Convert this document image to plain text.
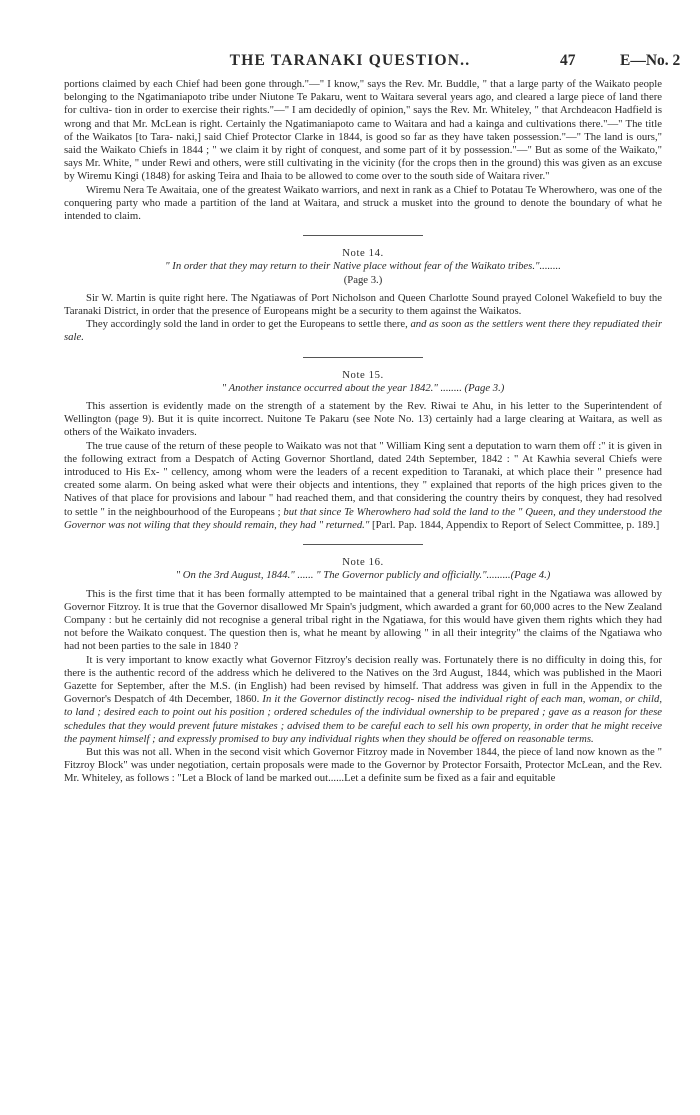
THE TARANAKI QUESTION..	47	E—No. 2

portions claimed by each Chief had been gone through."—" I know," says the Rev. Mr. Buddle, " that a large party of the Waikato people belonging to the Ngatimaniapoto tribe under Niutone Te Pakaru, went to Waitara several years ago, and cleared a large piece of land there for cultiva- tion in order to exercise their rights."—" I am decidedly of opinion," says the Rev. Mr. Whiteley, " that Archdeacon Hadfield is wrong and that Mr. McLean is right. Certainly the Ngatimaniapoto came to Waitara and had a kainga and cultivations there."—" The title of the Waikatos [to Tara- naki,] said Chief Protector Clarke in 1844, is good so far as they have taken possession."—" The land is ours," said the Waikato Chiefs in 1844 ; " we claim it by right of conquest, and some part of it by possession."—" But as some of the Waikato," says Mr. White, " under Rewi and others, were still cultivating in the vicinity (for the crops then in the ground) this was given as an excuse by Wiremu Kingi (1848) for asking Teira and Ihaia to be allowed to come over to the south side of Waitara river."

Wiremu Nera Te Awaitaia, one of the greatest Waikato warriors, and next in rank as a Chief to Potatau Te Wherowhero, was one of the conquering party who made a partition of the land at Waitara, and struck a musket into the ground to denote the boundary of what he intended to claim.

Note 14.
" In order that they may return to their Native place without fear of the Waikato tribes."........
(Page 3.)

Sir W. Martin is quite right here. The Ngatiawas of Port Nicholson and Queen Charlotte Sound prayed Colonel Wakefield to buy the Taranaki District, in order that the presence of Europeans might be a security to them against the Waikatos.

They accordingly sold the land in order to get the Europeans to settle there, and as soon as the settlers went there they repudiated their sale.

Note 15.
" Another instance occurred about the year 1842." ........ (Page 3.)

This assertion is evidently made on the strength of a statement by the Rev. Riwai te Ahu, in his letter to the Superintendent of Wellington (page 9). But it is quite incorrect. Nuitone Te Pakaru (see Note No. 13) certainly had a large clearing at Waitara, as well as others of the Waikato invaders.

The true cause of the return of these people to Waikato was not that " William King sent a deputation to warn them off :" it is given in the following extract from a Despatch of Acting Governor Shortland, dated 24th September, 1842 : " At Kawhia several Chiefs were introduced to His Ex- " cellency, among whom were the leaders of a recent expedition to Taranaki, at which place their " presence had created some alarm. On being asked what were their objects and intentions, they " explained that reports of the high prices given to the Natives of that place for provisions and labour " had reached them, and that considering the country theirs by conquest, they had resolved to settle " in the neighbourhood of the Europeans ; but that since Te Wherowhero had sold the land to the " Queen, and they understood the Governor was not wiling that they should remain, they had " returned." [Parl. Pap. 1844, Appendix to Report of Select Committee, p. 189.]

Note 16.
" On the 3rd August, 1844." ...... " The Governor publicly and officially.".........(Page 4.)

This is the first time that it has been formally attempted to be maintained that a general tribal right in the Ngatiawa was allowed by Governor Fitzroy. It is true that the Governor disallowed Mr Spain's judgment, which awarded a grant for 60,000 acres to the New Zealand Company : but he certainly did not recognise a general tribal right in the Ngatiawa, for this would have given them rights which they had not before the Waikato conquest. The question then is, what he meant by allowing " in all their integrity" the claims of the Ngatiawa who had not been parties to the sale in 1840 ?

It is very important to know exactly what Governor Fitzroy's decision really was. Fortunately there is no difficulty in doing this, for there is the authentic record of the address which he delivered to the Natives on the 3rd August, 1844, which was published in the Maori Gazette for September, after the M.S. (in English) had been revised by himself. That address was given in full in the Appendix to the Governor's Despatch of 4th December, 1860. In it the Governor distinctly recog- nised the individual right of each man, woman, or child, to land ; desired each to point out his position ; ordered schedules of the individual ownership to be prepared ; gave as a reason for these schedules that they would prevent future mistakes ; advised them to be careful each to sell his own property, in order that he might receive the payment himself ; and expressly promised to buy any individual rights when they should be offered on reasonable terms.

But this was not all. When in the second visit which Governor Fitzroy made in November 1844, the piece of land now known as the " Fitzroy Block" was under negotiation, certain proposals were made to the Governor by Protector Forsaith, Protector McLean, and the Rev. Mr. Whiteley, as follows : "Let a Block of land be marked out......Let a definite sum be fixed as a fair and equitable
